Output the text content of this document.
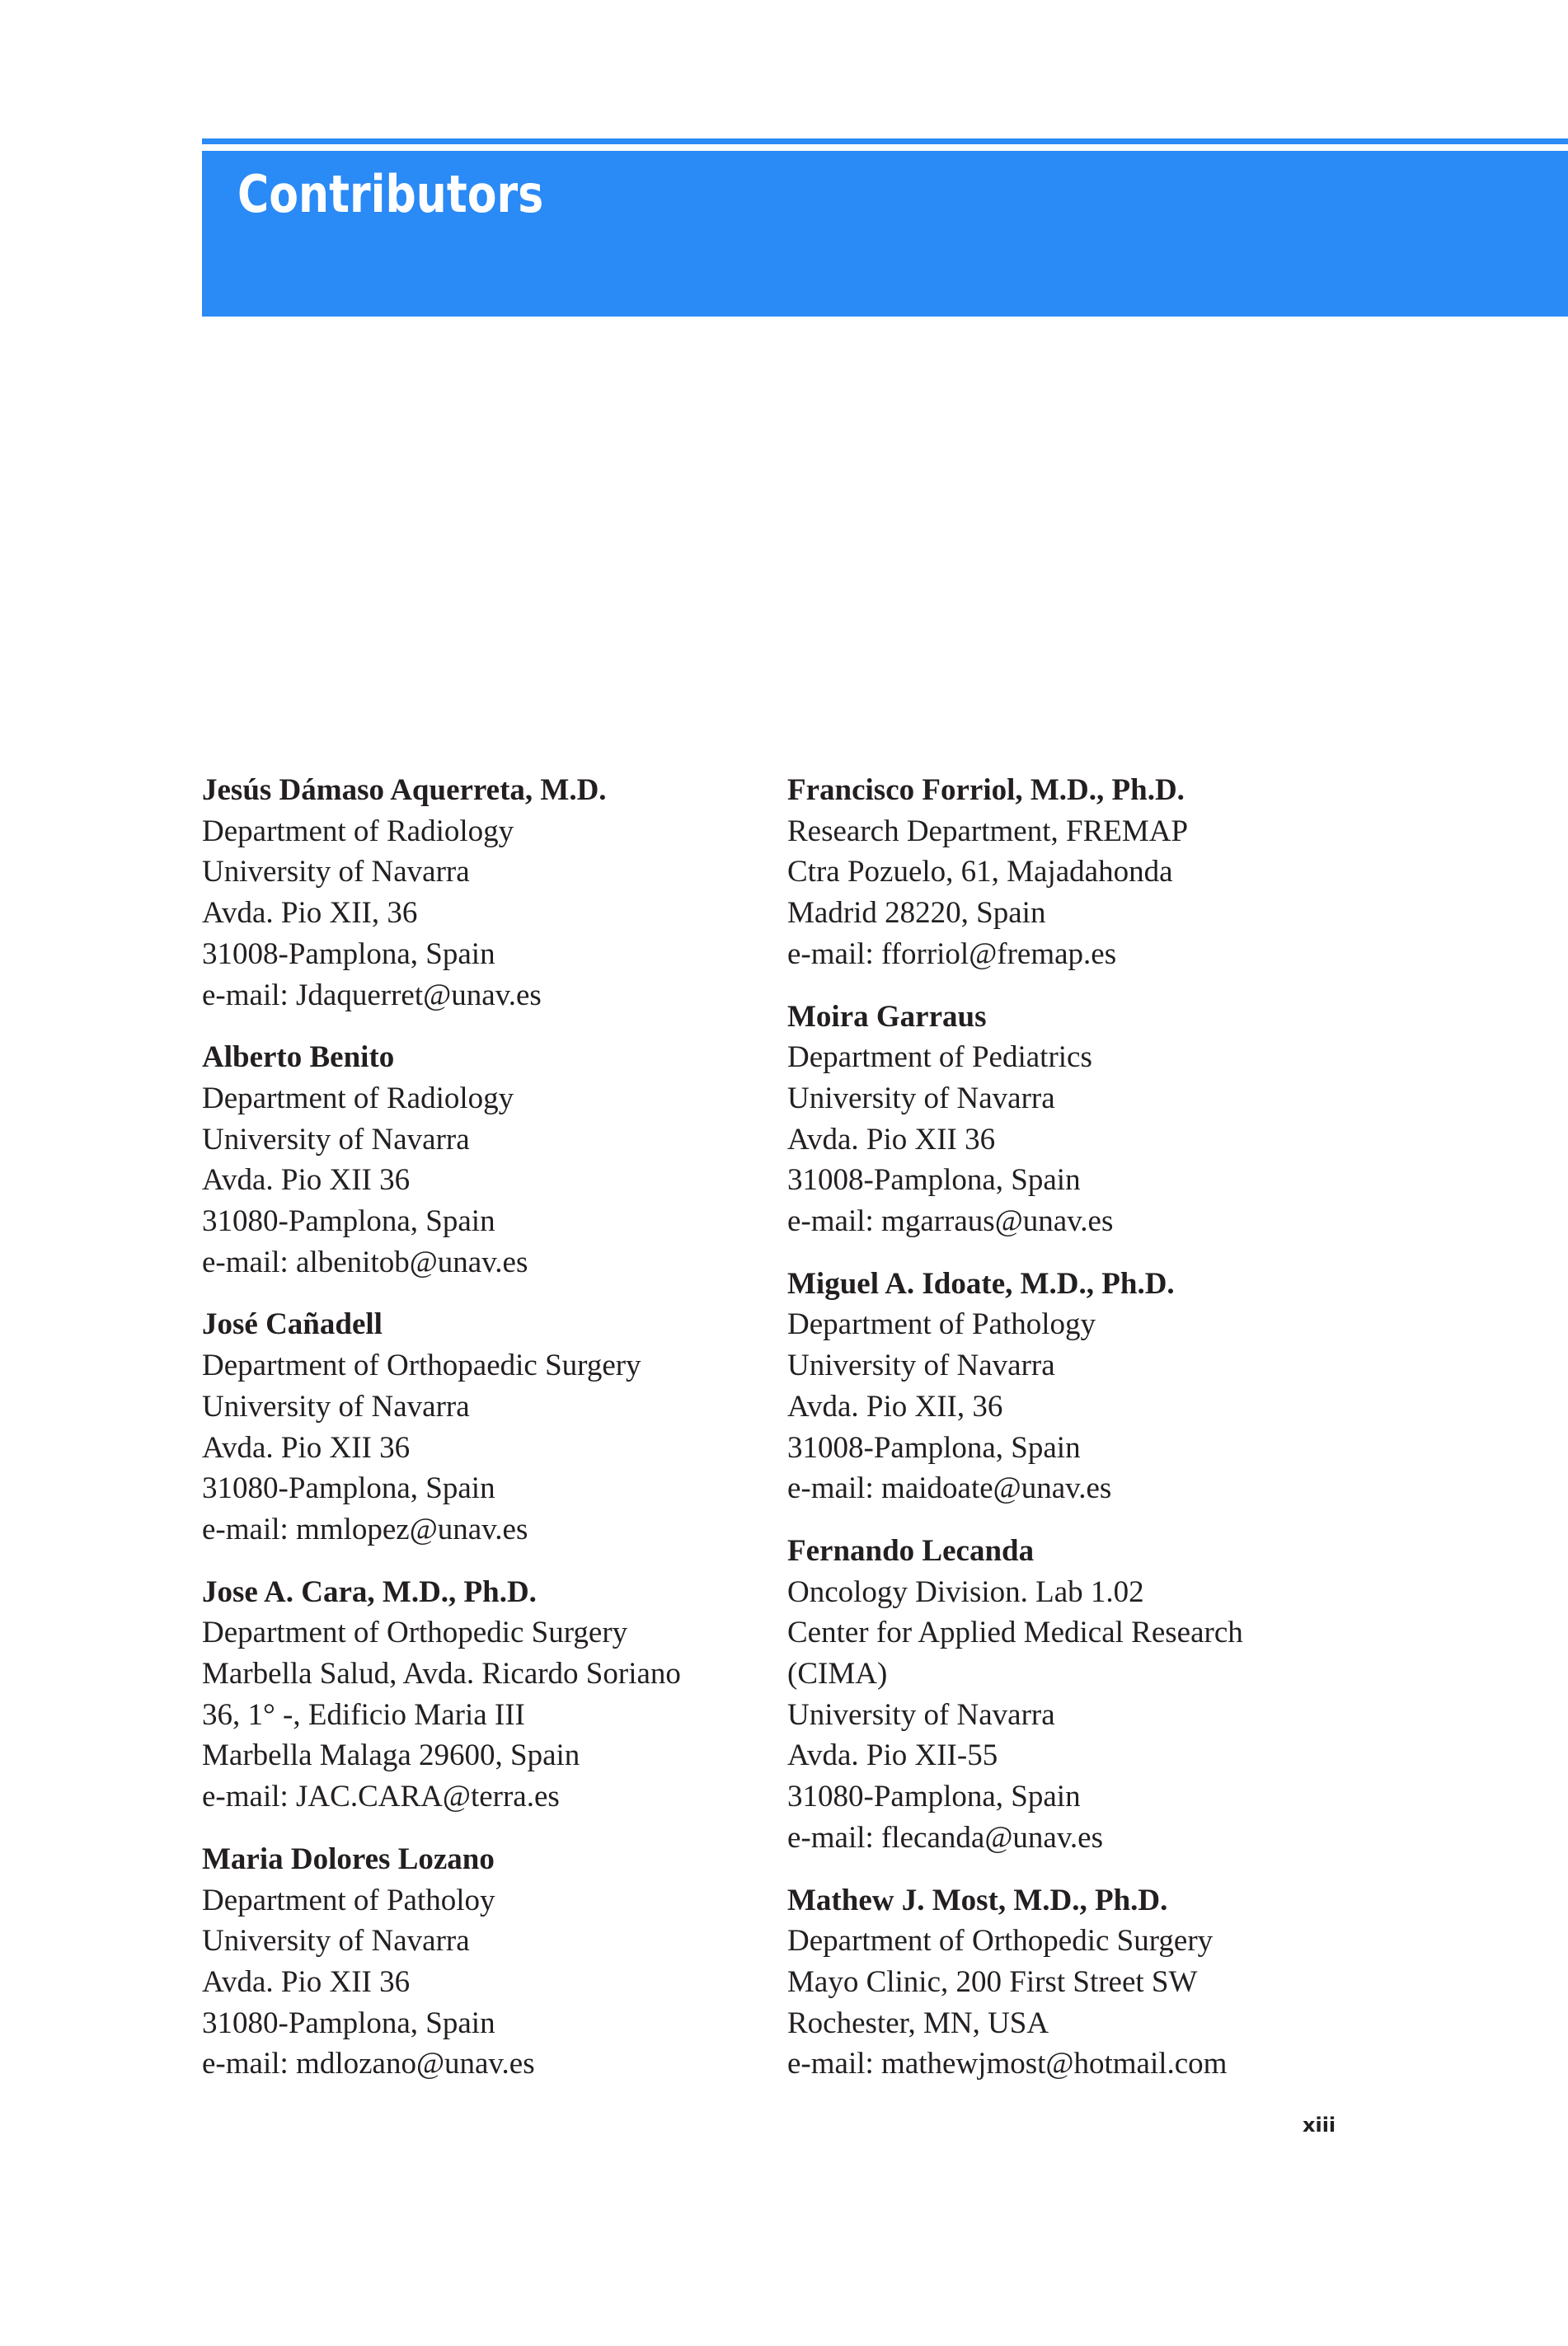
Contributors
Jesús Dámaso Aquerreta, M.D.
Department of Radiology
University of Navarra
Avda. Pio XII, 36
31008-Pamplona, Spain
e-mail: Jdaquerret@unav.es
Alberto Benito
Department of Radiology
University of Navarra
Avda. Pio XII 36
31080-Pamplona, Spain
e-mail: albenitob@unav.es
José Cañadell
Department of Orthopaedic Surgery
University of Navarra
Avda. Pio XII 36
31080-Pamplona, Spain
e-mail: mmlopez@unav.es
Jose A. Cara, M.D., Ph.D.
Department of Orthopedic Surgery
Marbella Salud, Avda. Ricardo Soriano
36, 1° -, Edificio Maria III
Marbella Malaga 29600, Spain
e-mail: JAC.CARA@terra.es
Maria Dolores Lozano
Department of Patholoy
University of Navarra
Avda. Pio XII 36
31080-Pamplona, Spain
e-mail: mdlozano@unav.es
Francisco Forriol, M.D., Ph.D.
Research Department, FREMAP
Ctra Pozuelo, 61, Majadahonda
Madrid 28220, Spain
e-mail: fforriol@fremap.es
Moira Garraus
Department of Pediatrics
University of Navarra
Avda. Pio XII 36
31008-Pamplona, Spain
e-mail: mgarraus@unav.es
Miguel A. Idoate, M.D., Ph.D.
Department of Pathology
University of Navarra
Avda. Pio XII, 36
31008-Pamplona, Spain
e-mail: maidoate@unav.es
Fernando Lecanda
Oncology Division. Lab 1.02
Center for Applied Medical Research
(CIMA)
University of Navarra
Avda. Pio XII-55
31080-Pamplona, Spain
e-mail: flecanda@unav.es
Mathew J. Most, M.D., Ph.D.
Department of Orthopedic Surgery
Mayo Clinic, 200 First Street SW
Rochester, MN, USA
e-mail: mathewjmost@hotmail.com
xiii
